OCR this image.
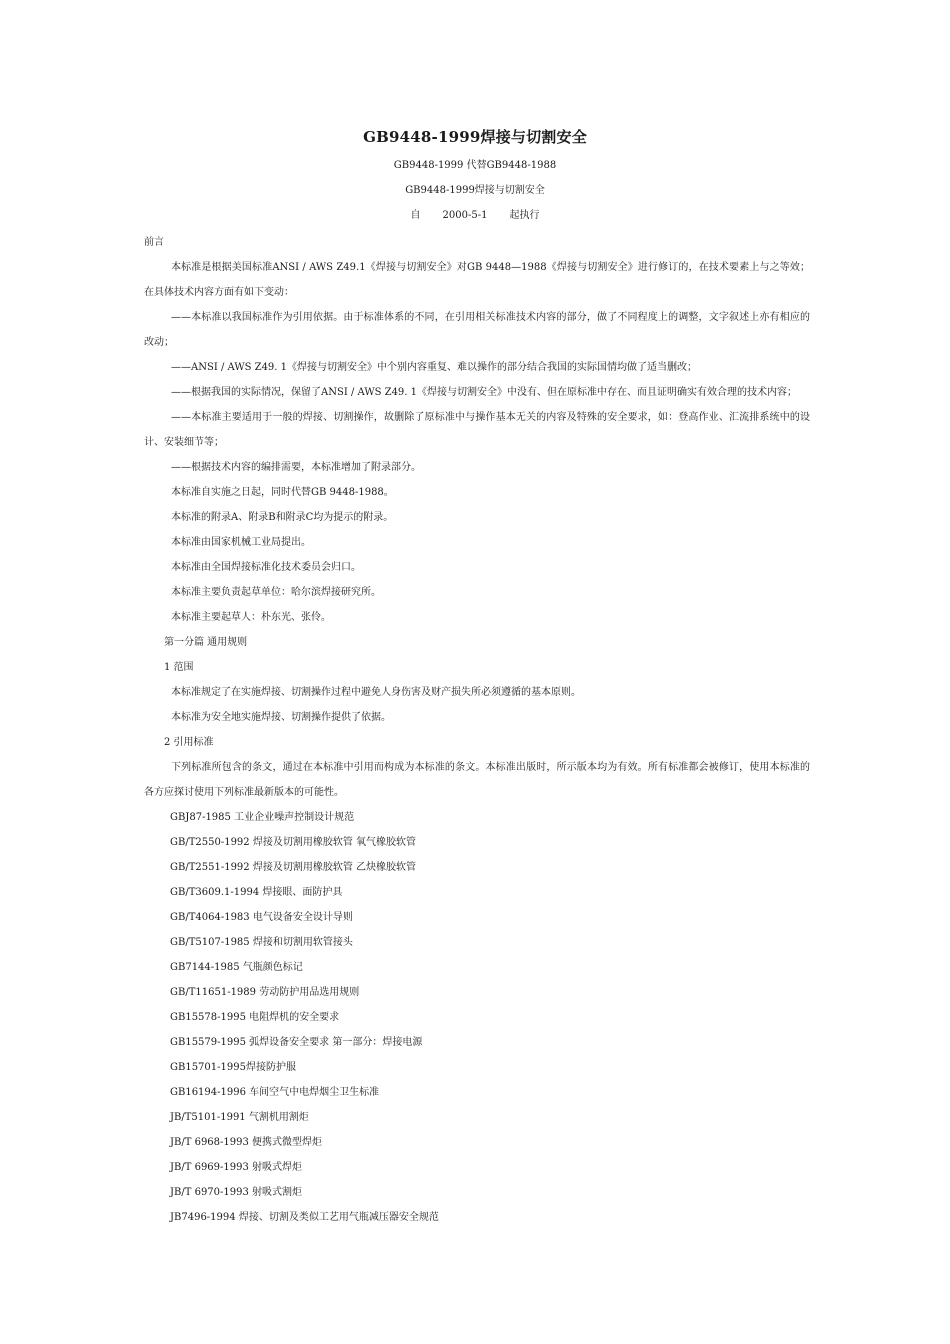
GB9448-1999焊接与切割安全
GB9448-1999 代替GB9448-1988
GB9448-1999焊接与切割安全
自 2000-5-1 起执行

前言

本标准是根据美国标准ANSI / AWS Z49.1《焊接与切割安全》对GB 9448—1988《焊接与切割安全》进行修订的，在技术要素上与之等效；在具体技术内容方面有如下变动：

——本标准以我国标准作为引用依据。由于标准体系的不同，在引用相关标准技术内容的部分，做了不同程度上的调整，文字叙述上亦有相应的改动；

——ANSI / AWS Z49. 1《焊接与切割安全》中个别内容重复、难以操作的部分结合我国的实际国情均做了适当删改；

——根据我国的实际情况，保留了ANSI / AWS Z49. 1《焊接与切割安全》中没有、但在原标准中存在、而且证明确实有效合理的技术内容；

——本标准主要适用于一般的焊接、切割操作，故删除了原标准中与操作基本无关的内容及特殊的安全要求，如：登高作业、汇流排系统中的设计、安装细节等；

——根据技术内容的编排需要，本标准增加了附录部分。

本标准自实施之日起，同时代替GB 9448-1988。

本标准的附录A、附录B和附录C均为提示的附录。

本标准由国家机械工业局提出。

本标准由全国焊接标准化技术委员会归口。

本标准主要负责起草单位：哈尔滨焊接研究所。

本标准主要起草人：朴东光、张伶。

第一分篇 通用规则

1 范围

本标准规定了在实施焊接、切割操作过程中避免人身伤害及财产损失所必须遵循的基本原则。

本标准为安全地实施焊接、切割操作提供了依据。

2 引用标准

下列标准所包含的条文，通过在本标准中引用而构成为本标准的条文。本标准出版时，所示版本均为有效。所有标准都会被修订，使用本标准的各方应探讨使用下列标准最新版本的可能性。

GBJ87-1985 工业企业噪声控制设计规范

GB/T2550-1992 焊接及切割用橡胶软管 氧气橡胶软管

GB/T2551-1992 焊接及切割用橡胶软管 乙炔橡胶软管

GB/T3609.1-1994 焊接眼、面防护具

GB/T4064-1983 电气设备安全设计导则

GB/T5107-1985 焊接和切割用软管接头

GB7144-1985 气瓶颜色标记

GB/T11651-1989 劳动防护用品选用规则

GB15578-1995 电阻焊机的安全要求

GB15579-1995 弧焊设备安全要求 第一部分：焊接电源

GB15701-1995焊接防护服

GB16194-1996 车间空气中电焊烟尘卫生标准

JB/T5101-1991 气割机用割炬

JB/T 6968-1993 便携式微型焊炬

JB/T 6969-1993 射吸式焊炬

JB/T 6970-1993 射吸式割炬

JB7496-1994 焊接、切割及类似工艺用气瓶减压器安全规范
